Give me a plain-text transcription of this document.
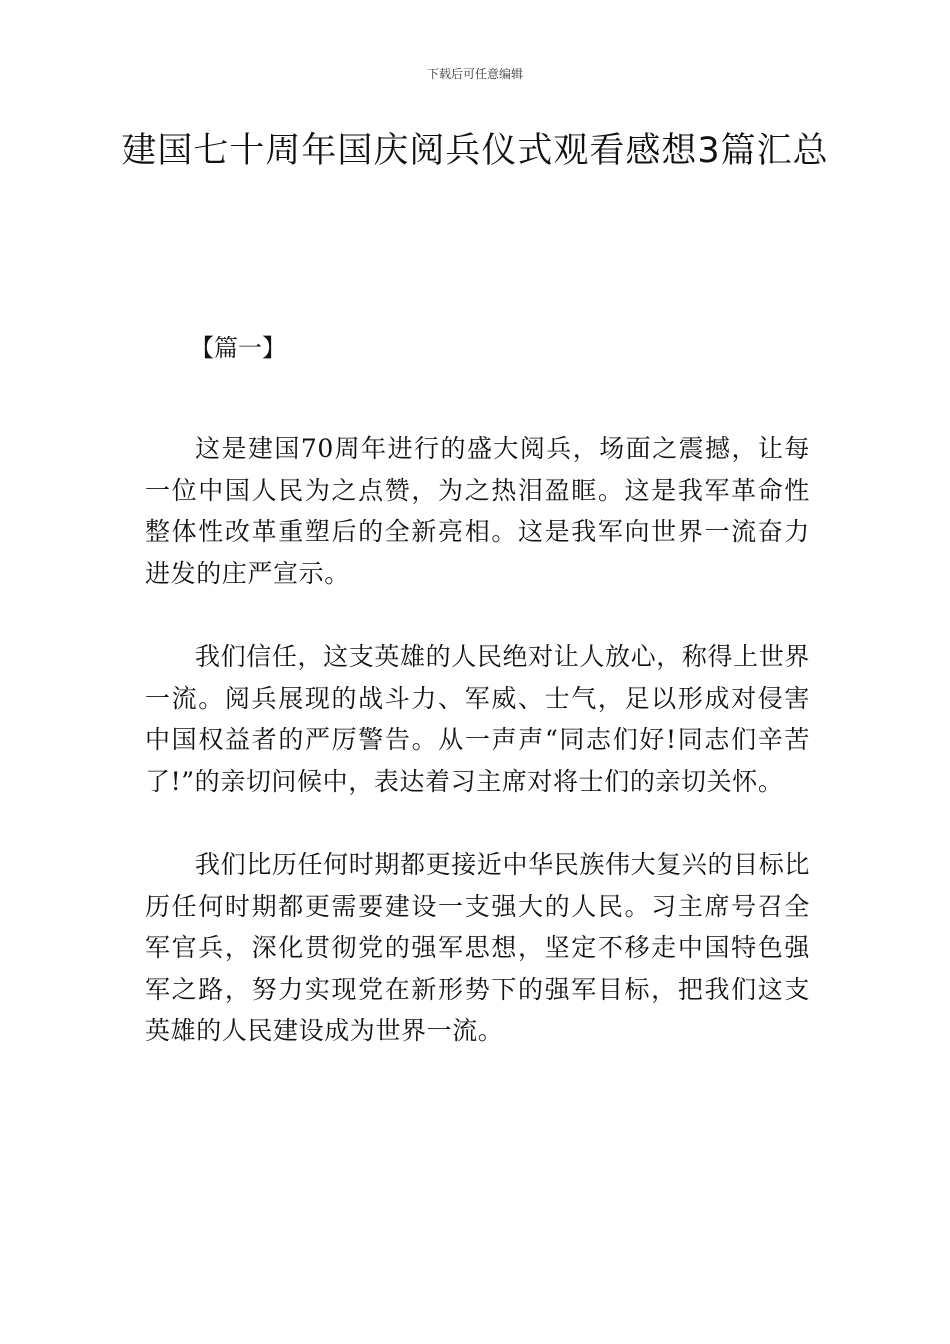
下载后可任意编辑
建国七十周年国庆阅兵仪式观看感想3篇汇总
【篇一】

这是建国70周年进行的盛大阅兵，场面之震撼，让每一位中国人民为之点赞，为之热泪盈眶。这是我军革命性整体性改革重塑后的全新亮相。这是我军向世界一流奋力进发的庄严宣示。

我们信任，这支英雄的人民绝对让人放心，称得上世界一流。阅兵展现的战斗力、军威、士气，足以形成对侵害中国权益者的严厉警告。从一声声“同志们好!同志们辛苦了!”的亲切问候中，表达着习主席对将士们的亲切关怀。

我们比历任何时期都更接近中华民族伟大复兴的目标比历任何时期都更需要建设一支强大的人民。习主席号召全军官兵，深化贯彻党的强军思想，坚定不移走中国特色强军之路，努力实现党在新形势下的强军目标，把我们这支英雄的人民建设成为世界一流。
